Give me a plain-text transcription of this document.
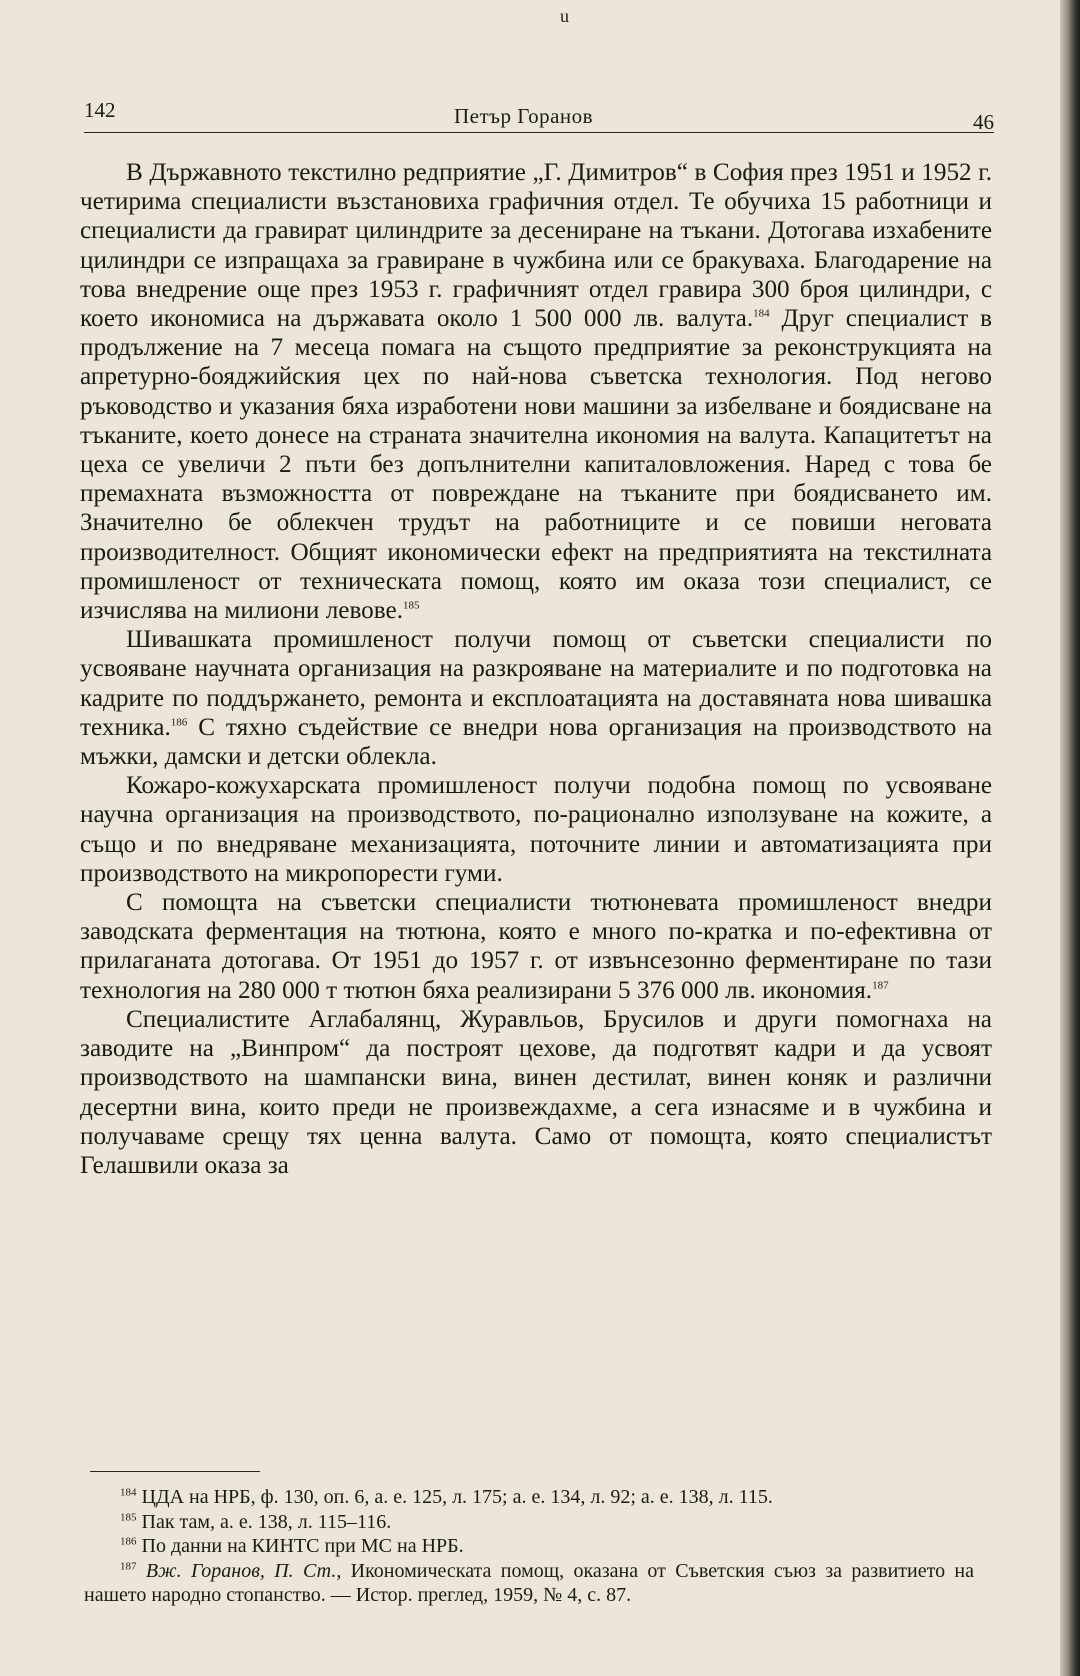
u
142	Петър Горанов	46

В Държавното текстилно редприятие „Г. Димитров“ в София през 1951 и 1952 г. четирима специалисти възстановиха графичния отдел. Те обучиха 15 работници и специалисти да гравират цилиндрите за десениране на тъкани. Дотогава изхабените цилиндри се изпращаха за гравиране в чужбина или се бракуваха. Благодарение на това внедрение още през 1953 г. графичният отдел гравира 300 броя цилиндри, с което икономиса на държавата около 1 500 000 лв. валута.$^{184}$ Друг специалист в продължение на 7 месеца помага на същото предприятие за реконструкцията на апретурно-бояджийския цех по най-нова съветска технология. Под негово ръководство и указания бяха изработени нови машини за избелване и боядисване на тъканите, което донесе на страната значителна икономия на валута. Капацитетът на цеха се увеличи 2 пъти без допълнителни капиталовложения. Наред с това бе премахната възможността от повреждане на тъканите при боядисването им. Значително бе облекчен трудът на работниците и се повиши неговата производителност. Общият икономически ефект на предприятията на текстилната промишленост от техническата помощ, която им оказа този специалист, се изчислява на милиони левове.$^{185}$

Шивашката промишленост получи помощ от съветски специалисти по усвояване научната организация на разкрояване на материалите и по подготовка на кадрите по поддържането, ремонта и експлоатацията на доставяната нова шивашка техника.$^{186}$ С тяхно съдействие се внедри нова организация на производството на мъжки, дамски и детски облекла.

Кожаро-кожухарската промишленост получи подобна помощ по усвояване научна организация на производството, по-рационално използуване на кожите, а също и по внедряване механизацията, поточните линии и автоматизацията при производството на микропорести гуми.

С помощта на съветски специалисти тютюневата промишленост внедри заводската ферментация на тютюна, която е много по-кратка и по-ефективна от прилаганата дотогава. От 1951 до 1957 г. от извънсезонно ферментиране по тази технология на 280 000 т тютюн бяха реализирани 5 376 000 лв. икономия.$^{187}$

Специалистите Аглабалянц, Журавльов, Брусилов и други помогнаха на заводите на „Винпром“ да построят цехове, да подготвят кадри и да усвоят производството на шампански вина, винен дестилат, винен коняк и различни десертни вина, които преди не произвеждахме, а сега изнасяме и в чужбина и получаваме срещу тях ценна валута. Само от помощта, която специалистът Гелашвили оказа за

$^{184}$ ЦДА на НРБ, ф. 130, оп. 6, а. е. 125, л. 175; а. е. 134, л. 92; а. е. 138, л. 115.

$^{185}$ Пак там, а. е. 138, л. 115–116.

$^{186}$ По данни на КИНТС при МС на НРБ.

$^{187}$ Вж. Горанов, П. Ст., Икономическата помощ, оказана от Съветския съюз за развитието на нашето народно стопанство. — Истор. преглед, 1959, № 4, с. 87.
